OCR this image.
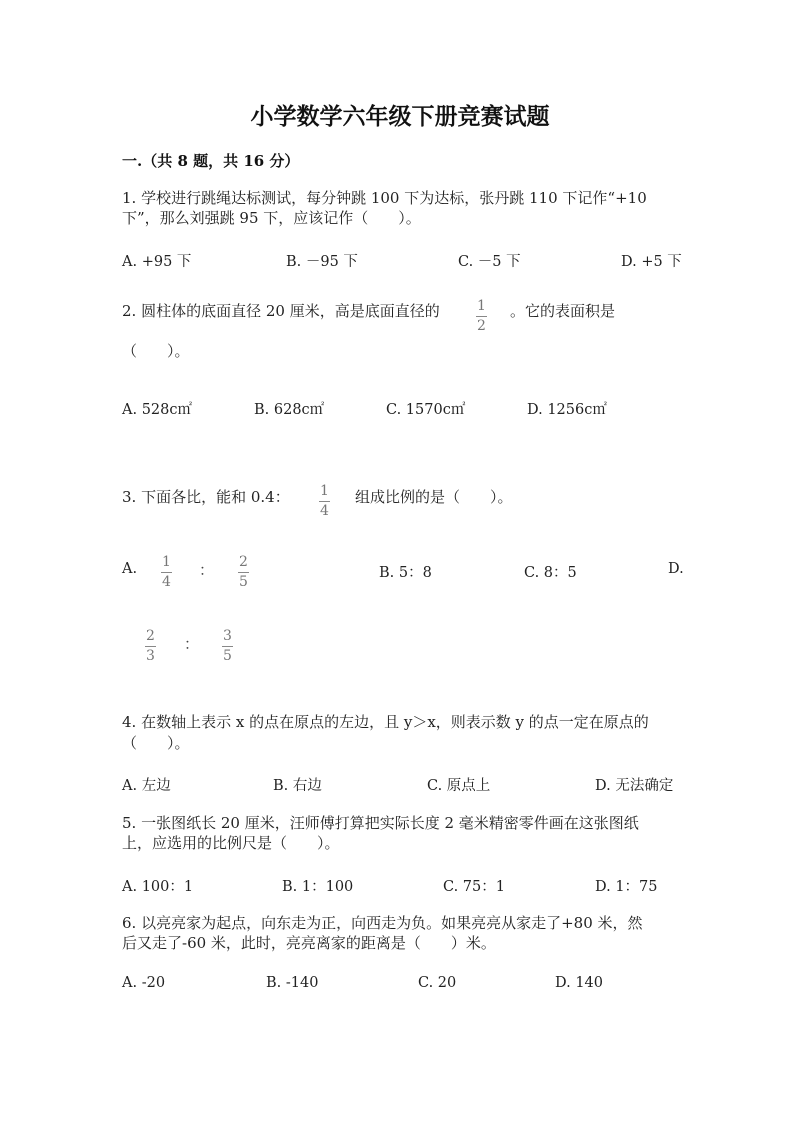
小学数学六年级下册竞赛试题
一.（共 8 题，共 16 分）
1. 学校进行跳绳达标测试，每分钟跳 100 下为达标，张丹跳 110 下记作“+10
下”，那么刘强跳 95 下，应该记作（　　）。
A. +95 下	B. －95 下	C. －5 下	D. +5 下
2. 圆柱体的底面直径 20 厘米，高是底面直径的	1
2
。它的表面积是
（　　）。
A. 528c㎡	B. 628c㎡	C. 1570c㎡	D. 1256c㎡
3. 下面各比，能和 0.4： 1
4
组成比例的是（　　）。
A. 1
4
： 2
5
B. 5：8	C. 8：5	D.
2
3
： 3
5
4. 在数轴上表示 x 的点在原点的左边，且 y＞x，则表示数 y 的点一定在原点的
（　　）。
A. 左边	B. 右边	C. 原点上	D. 无法确定
5. 一张图纸长 20 厘米，汪师傅打算把实际长度 2 毫米精密零件画在这张图纸
上，应选用的比例尺是（　　）。
A. 100：1	B. 1：100	C. 75：1	D. 1：75
6. 以亮亮家为起点，向东走为正，向西走为负。如果亮亮从家走了+80 米，然
后又走了-60 米，此时，亮亮离家的距离是（　　）米。
A. -20	B. -140	C. 20	D. 140
